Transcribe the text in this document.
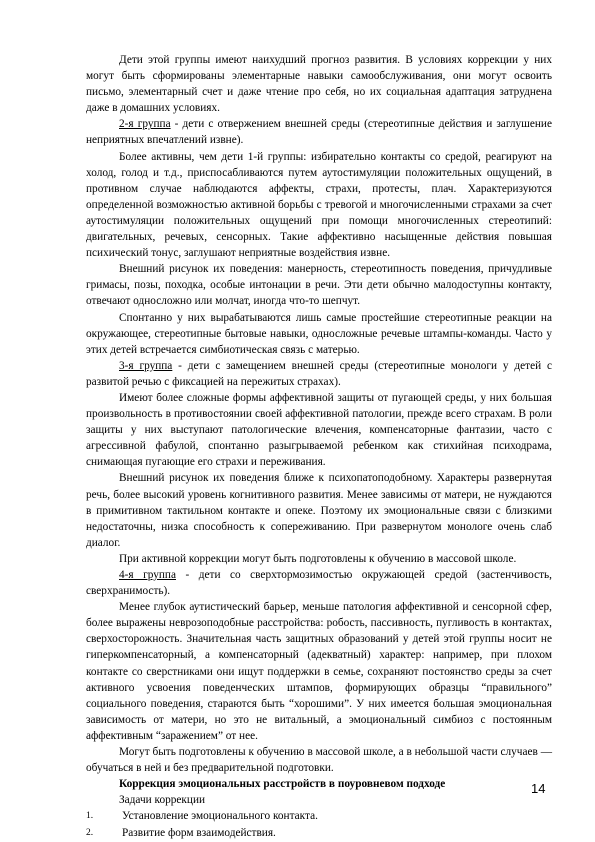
Дети этой группы имеют наихудший прогноз развития. В условиях коррекции у них могут быть сформированы элементарные навыки самообслуживания, они могут освоить письмо, элементарный счет и даже чтение про себя, но их социальная адаптация затруднена даже в домашних условиях.

2-я группа - дети с отвержением внешней среды (стереотипные действия и заглушение неприятных впечатлений извне).

Более активны, чем дети 1-й группы: избирательно контакты со средой, реагируют на холод, голод и т.д., приспосабливаются путем аутостимуляции положительных ощущений, в противном случае наблюдаются аффекты, страхи, протесты, плач. Характеризуются определенной возможностью активной борьбы с тревогой и многочисленными страхами за счет аутостимуляции положительных ощущений при помощи многочисленных стереотипий: двигательных, речевых, сенсорных. Такие аффективно насыщенные действия повышая психический тонус, заглушают неприятные воздействия извне.

Внешний рисунок их поведения: манерность, стереотипность поведения, причудливые гримасы, позы, походка, особые интонации в речи. Эти дети обычно малодоступны контакту, отвечают односложно или молчат, иногда что-то шепчут.

Спонтанно у них вырабатываются лишь самые простейшие стереотипные реакции на окружающее, стереотипные бытовые навыки, односложные речевые штампы-команды. Часто у этих детей встречается симбиотическая связь с матерью.

3-я группа - дети с замещением внешней среды (стереотипные монологи у детей с развитой речью с фиксацией на пережитых страхах).

Имеют более сложные формы аффективной защиты от пугающей среды, у них большая произвольность в противостоянии своей аффективной патологии, прежде всего страхам. В роли защиты у них выступают патологические влечения, компенсаторные фантазии, часто с агрессивной фабулой, спонтанно разыгрываемой ребенком как стихийная психодрама, снимающая пугающие его страхи и переживания.

Внешний рисунок их поведения ближе к психопатоподобному. Характеры развернутая речь, более высокий уровень когнитивного развития. Менее зависимы от матери, не нуждаются в примитивном тактильном контакте и опеке. Поэтому их эмоциональные связи с близкими недостаточны, низка способность к сопереживанию. При развернутом монологе очень слаб диалог.

При активной коррекции могут быть подготовлены к обучению в массовой школе.

4-я группа - дети со сверхтормозимостью окружающей средой (застенчивость, сверхранимость).

Менее глубок аутистический барьер, меньше патология аффективной и сенсорной сфер, более выражены неврозоподобные расстройства: робость, пассивность, пугливость в контактах, сверхосторожность. Значительная часть защитных образований у детей этой группы носит не гиперкомпенсаторный, а компенсаторный (адекватный) характер: например, при плохом контакте со сверстниками они ищут поддержки в семье, сохраняют постоянство среды за счет активного усвоения поведенческих штампов, формирующих образцы “правильного” социального поведения, стараются быть “хорошими”. У них имеется большая эмоциональная зависимость от матери, но это не витальный, а эмоциональный симбиоз с постоянным аффективным “заражением” от нее.

Могут быть подготовлены к обучению в массовой школе, а в небольшой части случаев — обучаться в ней и без предварительной подготовки.

Коррекция эмоциональных расстройств в поуровневом подходе

Задачи коррекции

1.	Установление эмоционального контакта.
2.	Развитие форм взаимодействия.
14
